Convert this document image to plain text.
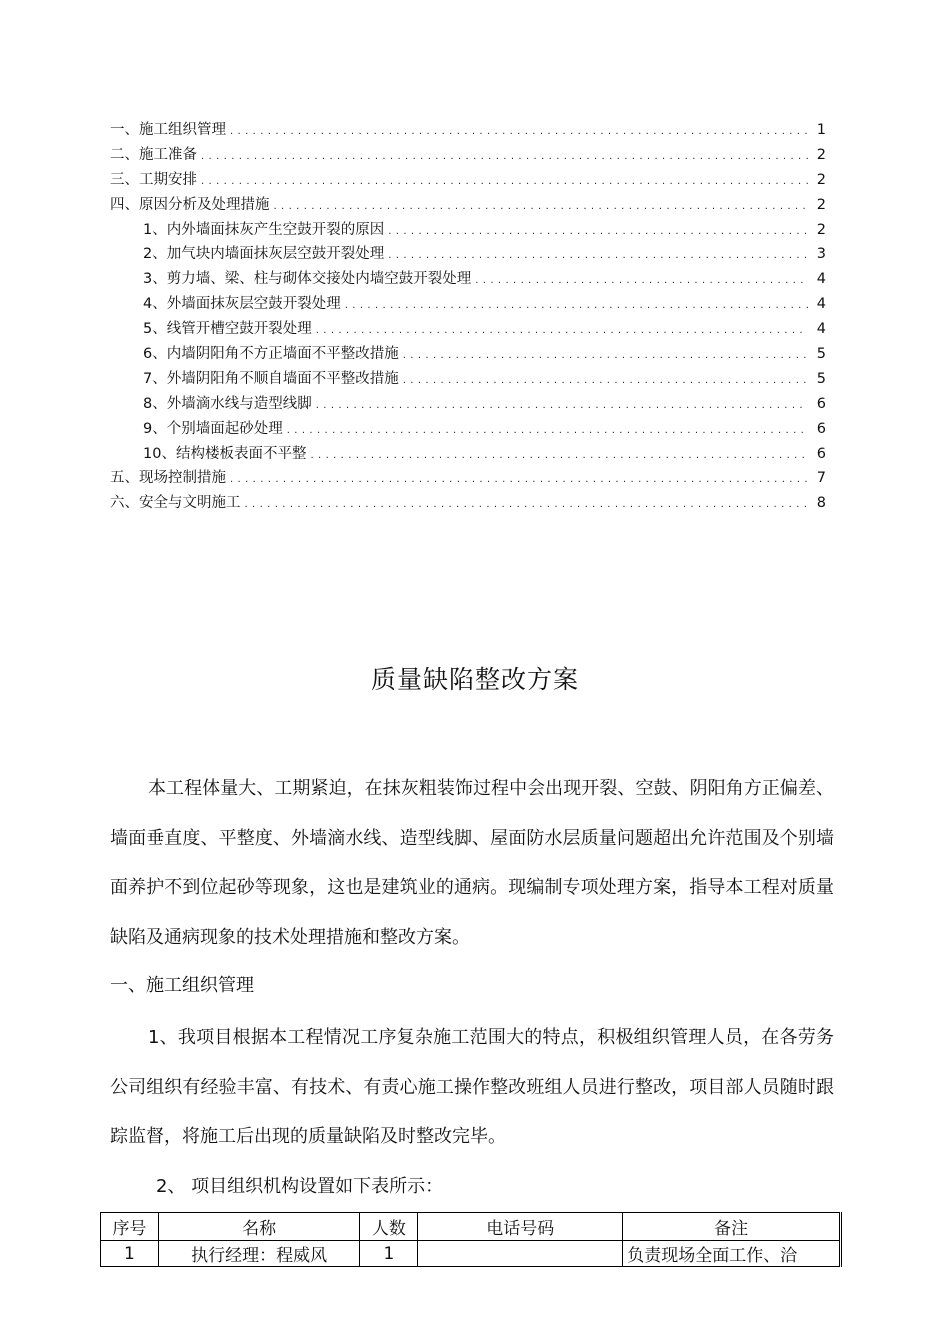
一、施工组织管理 . . .	1
二、施工准备 . . .	2
三、工期安排 . . .	2
四、原因分析及处理措施 . . .	2
1、内外墙面抹灰产生空鼓开裂的原因 . . .	2
2、加气块内墙面抹灰层空鼓开裂处理 . . .	3
3、剪力墙、梁、柱与砌体交接处内墙空鼓开裂处理 . . .	4
4、外墙面抹灰层空鼓开裂处理 . . .	4
5、线管开槽空鼓开裂处理 . . .	4
6、内墙阴阳角不方正墙面不平整改措施 . . .	5
7、外墙阴阳角不顺自墙面不平整改措施 . . .	5
8、外墙滴水线与造型线脚 . . .	6
9、个别墙面起砂处理 . . .	6
10、结构楼板表面不平整 . . .	6
五、现场控制措施 . . .	7
六、安全与文明施工 . . .	8
质量缺陷整改方案

本工程体量大、工期紧迫，在抹灰粗装饰过程中会出现开裂、空鼓、阴阳角方正偏差、墙面垂直度、平整度、外墙滴水线、造型线脚、屋面防水层质量问题超出允许范围及个别墙面养护不到位起砂等现象，这也是建筑业的通病。现编制专项处理方案，指导本工程对质量缺陷及通病现象的技术处理措施和整改方案。

一、施工组织管理

1、我项目根据本工程情况工序复杂施工范围大的特点，积极组织管理人员，在各劳务公司组织有经验丰富、有技术、有责心施工操作整改班组人员进行整改，项目部人员随时跟踪监督，将施工后出现的质量缺陷及时整改完毕。

2、 项目组织机构设置如下表所示：
序号	名称	人数	电话号码	备注
1	执行经理：程威风	1		负责现场全面工作、洽
